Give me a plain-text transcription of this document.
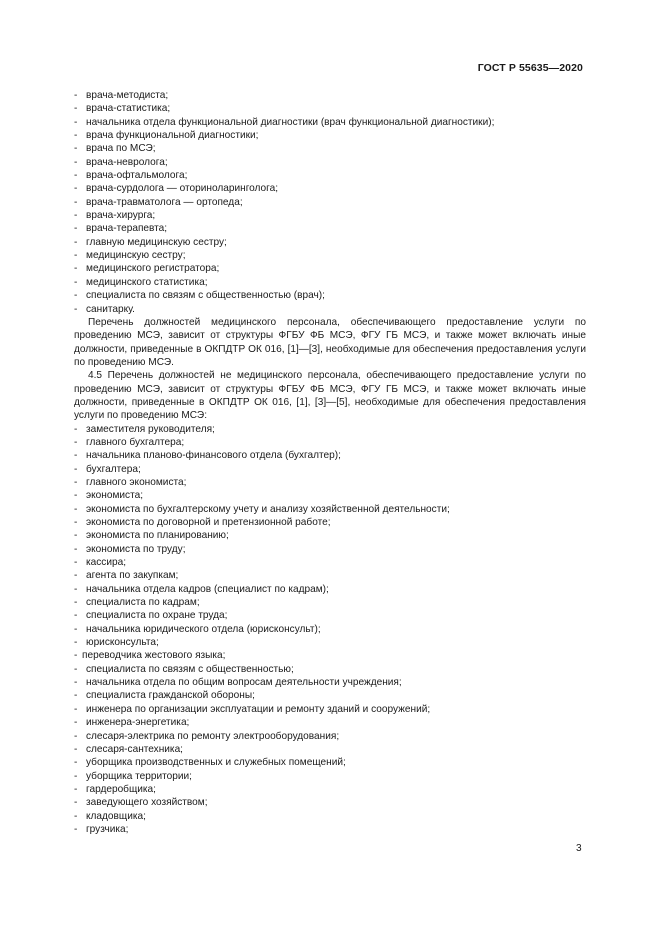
ГОСТ Р 55635—2020
- врача-методиста;
- врача-статистика;
- начальника отдела функциональной диагностики (врач функциональной диагностики);
- врача функциональной диагностики;
- врача по МСЭ;
- врача-невролога;
- врача-офтальмолога;
- врача-сурдолога — оториноларинголога;
- врача-травматолога — ортопеда;
- врача-хирурга;
- врача-терапевта;
- главную медицинскую сестру;
- медицинскую сестру;
- медицинского регистратора;
- медицинского статистика;
- специалиста по связям с общественностью (врач);
- санитарку.

Перечень должностей медицинского персонала, обеспечивающего предоставление услуги по проведению МСЭ, зависит от структуры ФГБУ ФБ МСЭ, ФГУ ГБ МСЭ, и также может включать иные должности, приведенные в ОКПДТР ОК 016, [1]—[3], необходимые для обеспечения предоставления услуги по проведению МСЭ.

4.5 Перечень должностей не медицинского персонала, обеспечивающего предоставление услуги по проведению МСЭ, зависит от структуры ФГБУ ФБ МСЭ, ФГУ ГБ МСЭ, и также может включать иные должности, приведенные в ОКПДТР ОК 016, [1], [3]—[5], необходимые для обеспечения предоставления услуги по проведению МСЭ:

- заместителя руководителя;
- главного бухгалтера;
- начальника планово-финансового отдела (бухгалтер);
- бухгалтера;
- главного экономиста;
- экономиста;
- экономиста по бухгалтерскому учету и анализу хозяйственной деятельности;
- экономиста по договорной и претензионной работе;
- экономиста по планированию;
- экономиста по труду;
- кассира;
- агента по закупкам;
- начальника отдела кадров (специалист по кадрам);
- специалиста по кадрам;
- специалиста по охране труда;
- начальника юридического отдела (юрисконсульт);
- юрисконсульта;
- переводчика жестового языка;
- специалиста по связям с общественностью;
- начальника отдела по общим вопросам деятельности учреждения;
- специалиста гражданской обороны;
- инженера по организации эксплуатации и ремонту зданий и сооружений;
- инженера-энергетика;
- слесаря-электрика по ремонту электрооборудования;
- слесаря-сантехника;
- уборщика производственных и служебных помещений;
- уборщика территории;
- гардеробщика;
- заведующего хозяйством;
- кладовщика;
- грузчика;
3
